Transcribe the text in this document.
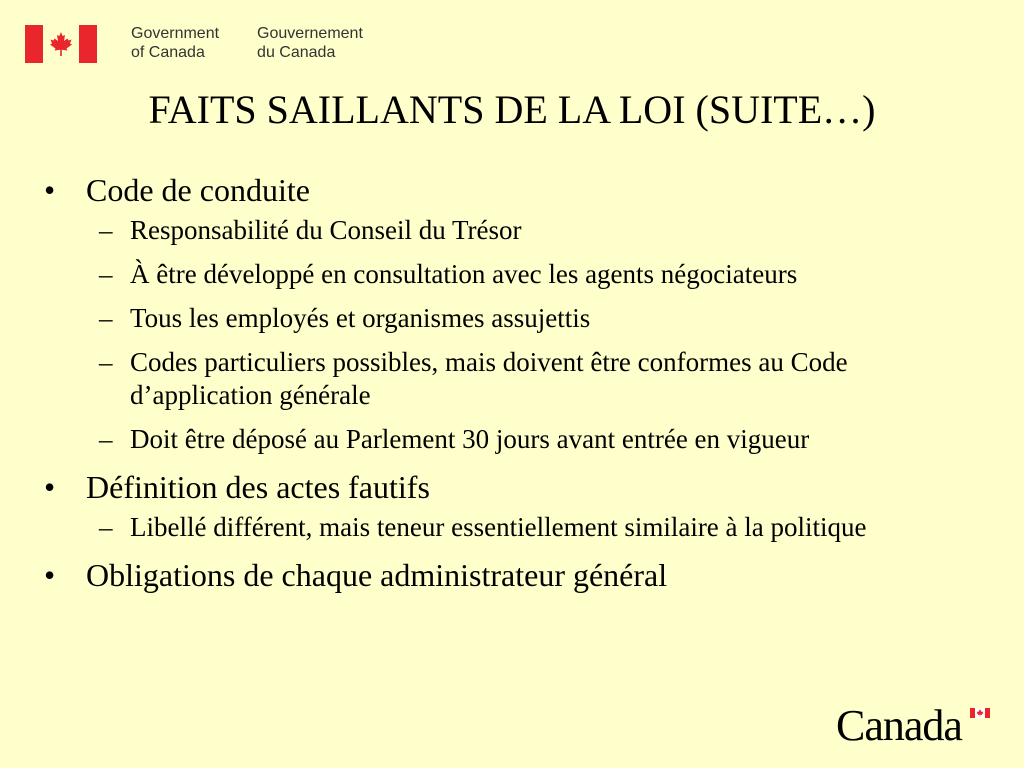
Government
of Canada
Gouvernement
du Canada
FAITS SAILLANTS DE LA LOI (SUITE…)
• Code de conduite
– Responsabilité du Conseil du Trésor
– À être développé en consultation avec les agents négociateurs
– Tous les employés et organismes assujettis
– Codes particuliers possibles, mais doivent être conformes au Code d’application générale
– Doit être déposé au Parlement 30 jours avant entrée en vigueur
• Définition des actes fautifs
– Libellé différent, mais teneur essentiellement similaire à la politique
• Obligations de chaque administrateur général
Canada
